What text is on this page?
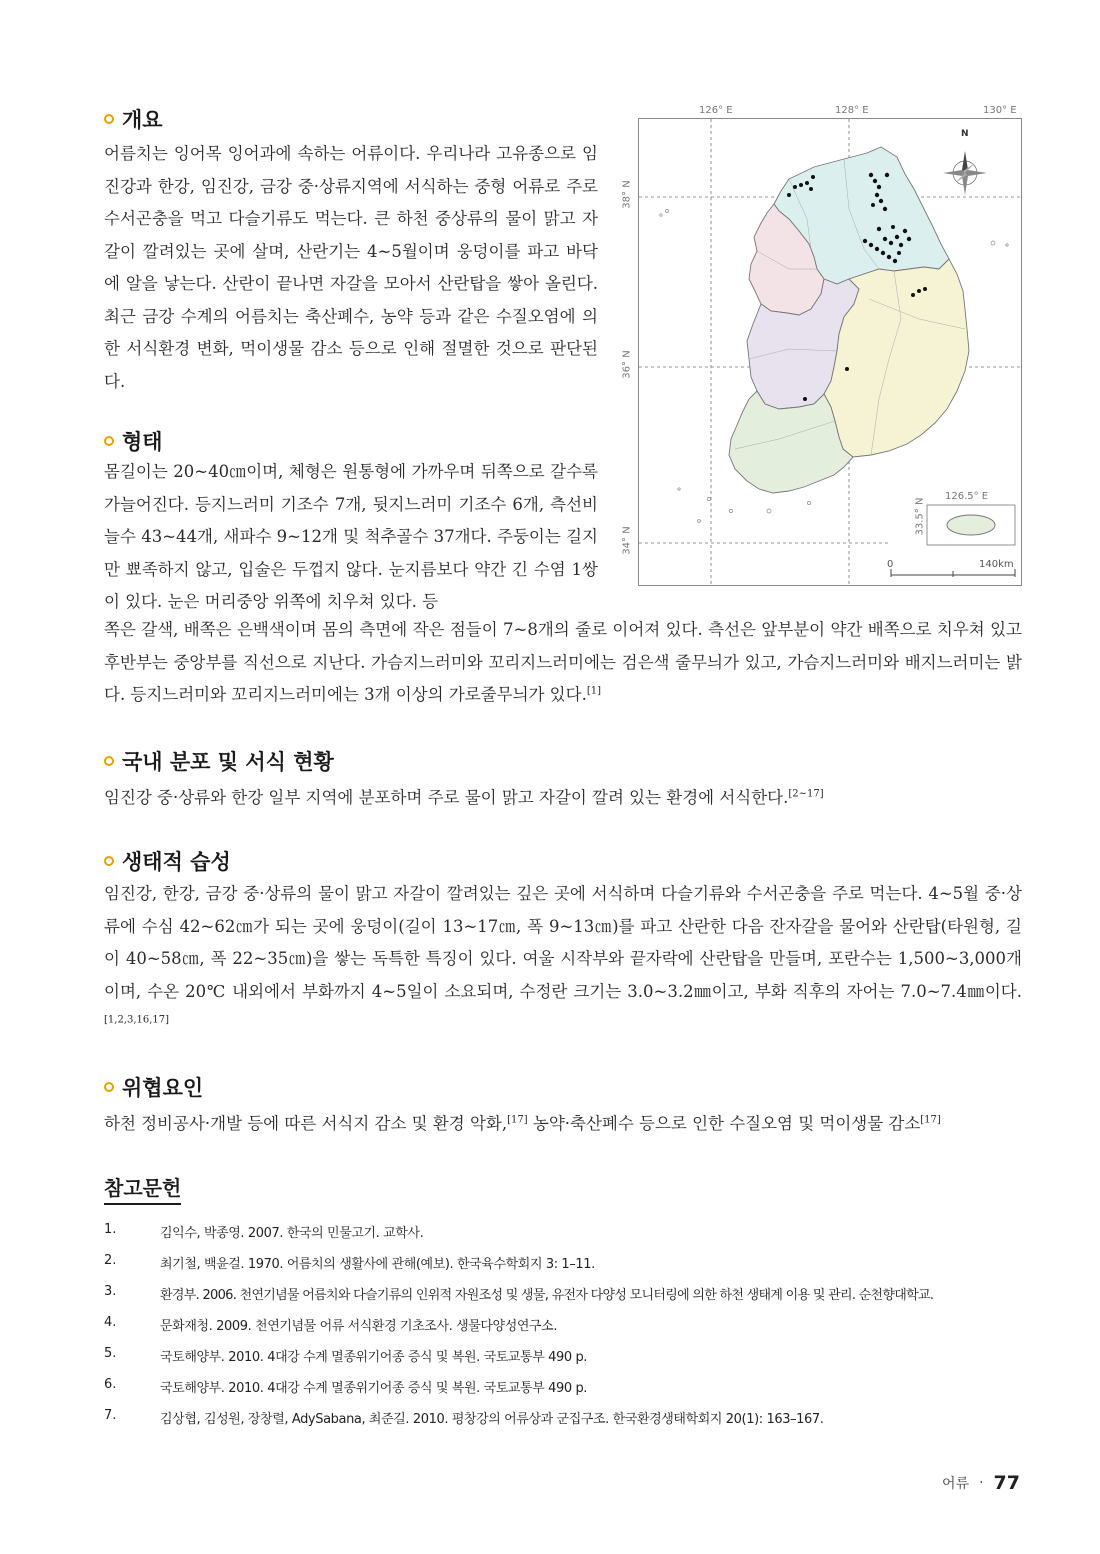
개요

어름치는 잉어목 잉어과에 속하는 어류이다. 우리나라 고유종으로 임진강과 한강, 임진강, 금강 중·상류지역에 서식하는 중형 어류로 주로 수서곤충을 먹고 다슬기류도 먹는다. 큰 하천 중상류의 물이 맑고 자갈이 깔려있는 곳에 살며, 산란기는 4~5월이며 웅덩이를 파고 바닥에 알을 낳는다. 산란이 끝나면 자갈을 모아서 산란탑을 쌓아 올린다. 최근 금강 수계의 어름치는 축산폐수, 농약 등과 같은 수질오염에 의한 서식환경 변화, 먹이생물 감소 등으로 인해 절멸한 것으로 판단된다.

형태

몸길이는 20~40㎝이며, 체형은 원통형에 가까우며 뒤쪽으로 갈수록 가늘어진다. 등지느러미 기조수 7개, 뒷지느러미 기조수 6개, 측선비늘수 43~44개, 새파수 9~12개 및 척추골수 37개다. 주둥이는 길지만 뾰족하지 않고, 입술은 두껍지 않다. 눈지름보다 약간 긴 수염 1쌍이 있다. 눈은 머리중앙 위쪽에 치우쳐 있다. 등

쪽은 갈색, 배쪽은 은백색이며 몸의 측면에 작은 점들이 7~8개의 줄로 이어져 있다. 측선은 앞부분이 약간 배쪽으로 치우쳐 있고 후반부는 중앙부를 직선으로 지난다. 가슴지느러미와 꼬리지느러미에는 검은색 줄무늬가 있고, 가슴지느러미와 배지느러미는 밝다. 등지느러미와 꼬리지느러미에는 3개 이상의 가로줄무늬가 있다.[1]

국내 분포 및 서식 현황

임진강 중·상류와 한강 일부 지역에 분포하며 주로 물이 맑고 자갈이 깔려 있는 환경에 서식한다.[2~17]

생태적 습성

임진강, 한강, 금강 중·상류의 물이 맑고 자갈이 깔려있는 깊은 곳에 서식하며 다슬기류와 수서곤충을 주로 먹는다. 4~5월 중·상류에 수심 42~62㎝가 되는 곳에 웅덩이(길이 13~17㎝, 폭 9~13㎝)를 파고 산란한 다음 잔자갈을 물어와 산란탑(타원형, 길이 40~58㎝, 폭 22~35㎝)을 쌓는 독특한 특징이 있다. 여울 시작부와 끝자락에 산란탑을 만들며, 포란수는 1,500~3,000개이며, 수온 20℃ 내외에서 부화까지 4~5일이 소요되며, 수정란 크기는 3.0~3.2㎜이고, 부화 직후의 자어는 7.0~7.4㎜이다.[1,2,3,16,17]

위협요인

하천 정비공사·개발 등에 따른 서식지 감소 및 환경 악화,[17] 농약·축산폐수 등으로 인한 수질오염 및 먹이생물 감소[17]

참고문헌
1.	김익수, 박종영. 2007. 한국의 민물고기. 교학사.
2.	최기철, 백윤걸. 1970. 어름치의 생활사에 관해(예보). 한국육수학회지 3: 1–11.
3.	환경부. 2006. 천연기념물 어름치와 다슬기류의 인위적 자원조성 및 생물, 유전자 다양성 모니터링에 의한 하천 생태계 이용 및 관리. 순천향대학교.
4.	문화재청. 2009. 천연기념물 어류 서식환경 기초조사. 생물다양성연구소.
5.	국토해양부. 2010. 4대강 수계 멸종위기어종 증식 및 복원. 국토교통부 490 p.
6.	국토해양부. 2010. 4대강 수계 멸종위기어종 증식 및 복원. 국토교통부 490 p.
7.	김상협, 김성원, 장창렬, AdySabana, 최준길. 2010. 평창강의 어류상과 군집구조. 한국환경생태학회지 20(1): 163–167.
126° E	128° E	130° E
38° N
36° N
34° N
N
126.5° E
33.5° N
0	140km
어류 · 77
